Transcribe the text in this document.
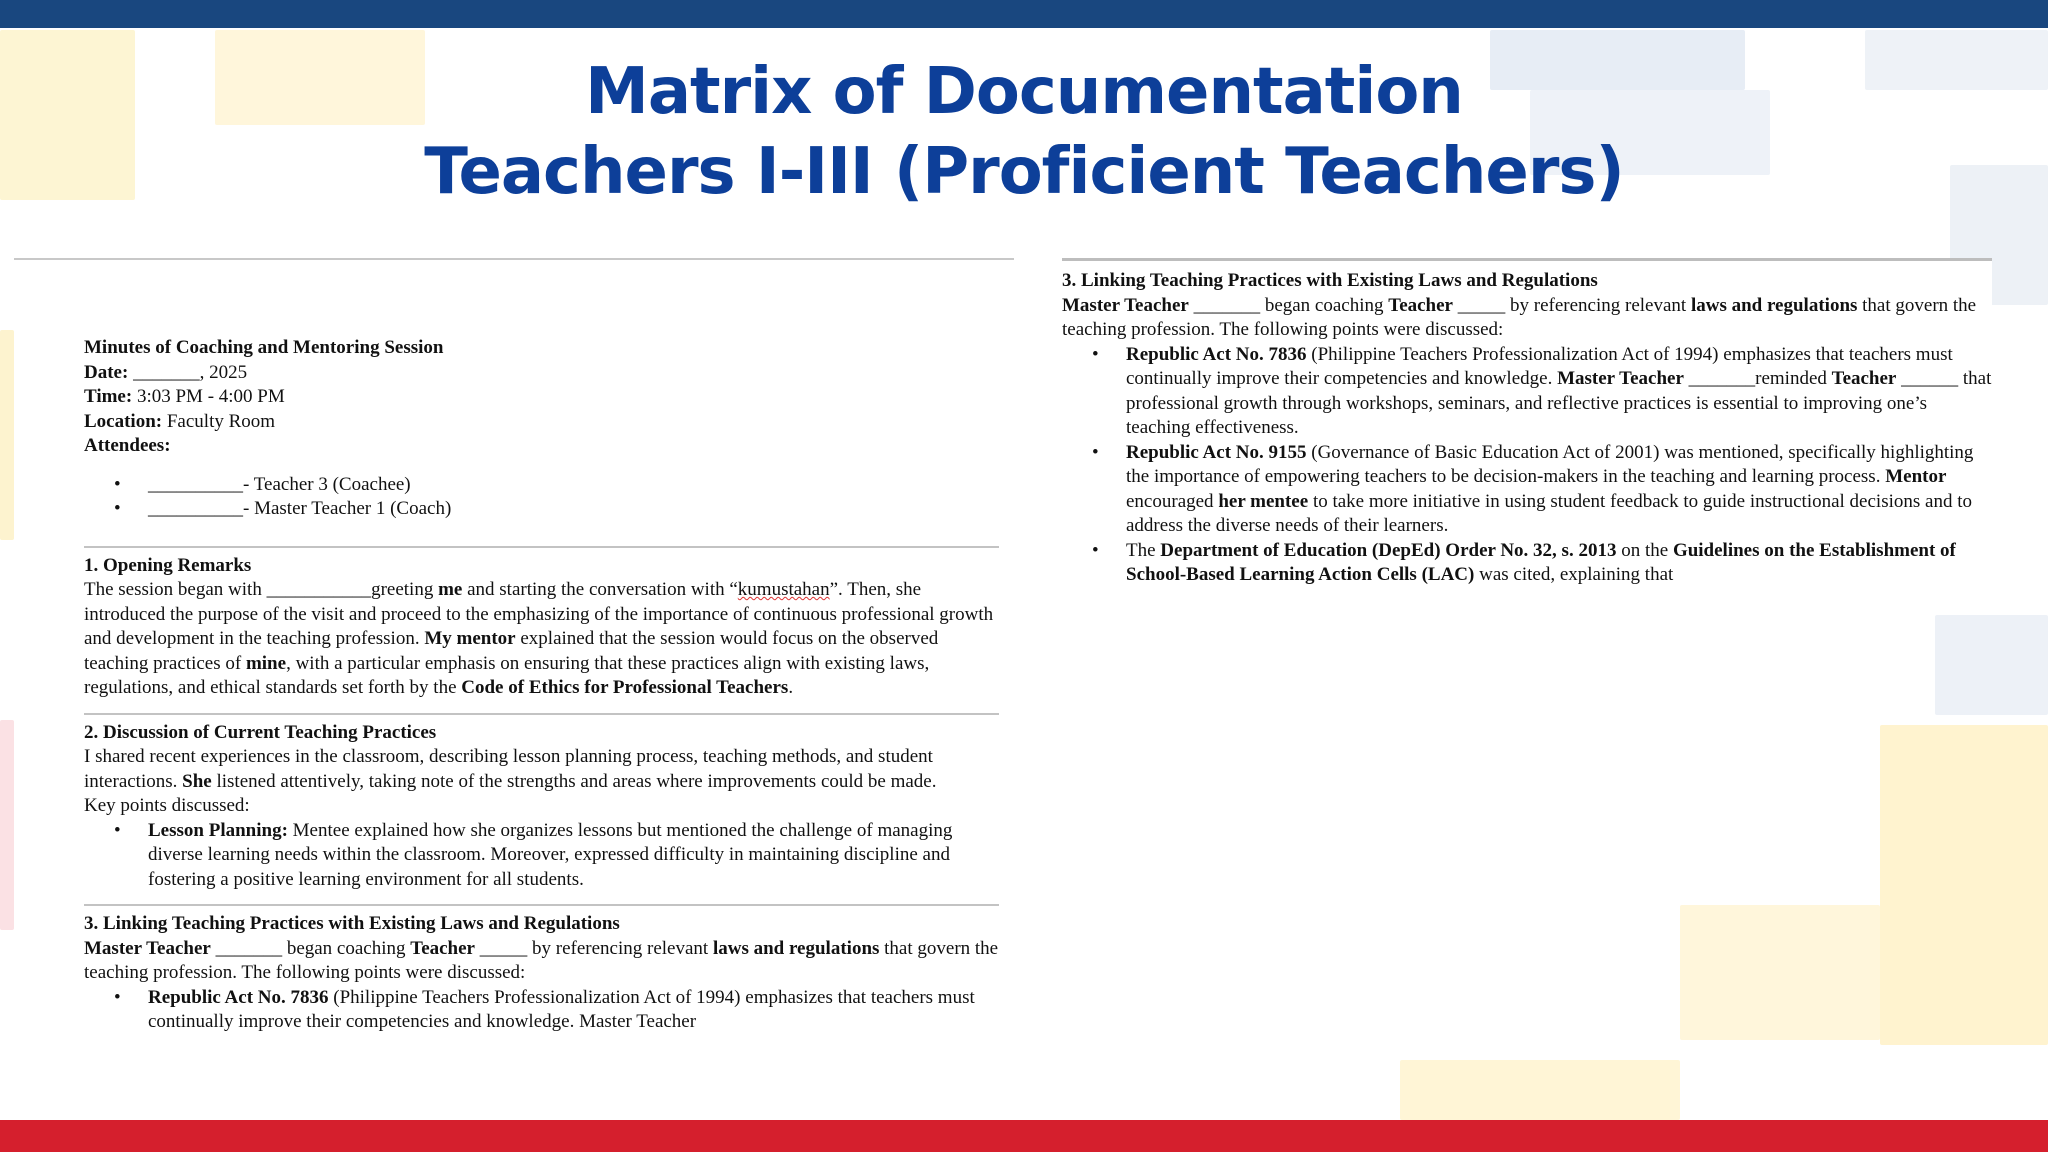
Matrix of Documentation
Teachers I-III (Proficient Teachers)
Minutes of Coaching and Mentoring Session
Date: _______, 2025
Time: 3:03 PM - 4:00 PM
Location: Faculty Room
Attendees:
• __________- Teacher 3 (Coachee)
• __________- Master Teacher 1 (Coach)
1. Opening Remarks

The session began with ___________greeting me and starting the conversation with “kumustahan”. Then, she introduced the purpose of the visit and proceed to the emphasizing of the importance of continuous professional growth and development in the teaching profession. My mentor explained that the session would focus on the observed teaching practices of mine, with a particular emphasis on ensuring that these practices align with existing laws, regulations, and ethical standards set forth by the Code of Ethics for Professional Teachers.

2. Discussion of Current Teaching Practices

I shared recent experiences in the classroom, describing lesson planning process, teaching methods, and student interactions. She listened attentively, taking note of the strengths and areas where improvements could be made.

Key points discussed:

• Lesson Planning: Mentee explained how she organizes lessons but mentioned the challenge of managing diverse learning needs within the classroom. Moreover, expressed difficulty in maintaining discipline and fostering a positive learning environment for all students.
3. Linking Teaching Practices with Existing Laws and Regulations

Master Teacher _______ began coaching Teacher _____ by referencing relevant laws and regulations that govern the teaching profession. The following points were discussed:

• Republic Act No. 7836 (Philippine Teachers Professionalization Act of 1994) emphasizes that teachers must continually improve their competencies and knowledge. Master Teacher
3. Linking Teaching Practices with Existing Laws and Regulations

Master Teacher _______ began coaching Teacher _____ by referencing relevant laws and regulations that govern the teaching profession. The following points were discussed:

• Republic Act No. 7836 (Philippine Teachers Professionalization Act of 1994) emphasizes that teachers must continually improve their competencies and knowledge. Master Teacher _______reminded Teacher ______ that professional growth through workshops, seminars, and reflective practices is essential to improving one’s teaching effectiveness.
• Republic Act No. 9155 (Governance of Basic Education Act of 2001) was mentioned, specifically highlighting the importance of empowering teachers to be decision-makers in the teaching and learning process. Mentor encouraged her mentee to take more initiative in using student feedback to guide instructional decisions and to address the diverse needs of their learners.
• The Department of Education (DepEd) Order No. 32, s. 2013 on the Guidelines on the Establishment of School-Based Learning Action Cells (LAC) was cited, explaining that
